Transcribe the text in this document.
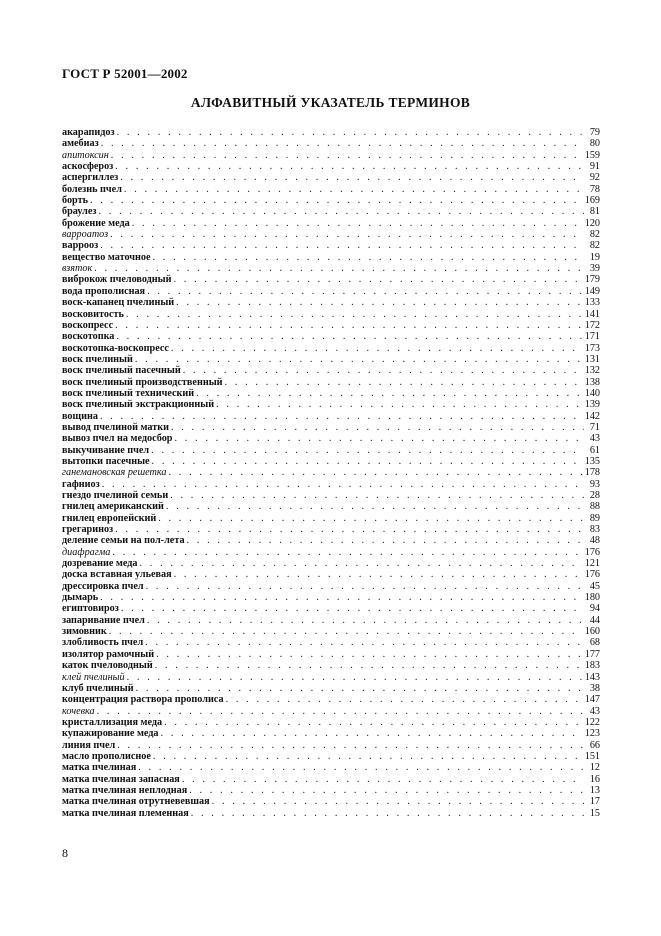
ГОСТ Р 52001—2002
АЛФАВИТНЫЙ УКАЗАТЕЛЬ ТЕРМИНОВ
акарапидоз . . .	79
амебиаз . . .	80
апитоксин . . .	159
аскосфероз . . .	91
аспергиллез . . .	92
болезнь пчел . . .	78
борть . . .	169
браулез . . .	81
брожение меда . . .	120
варроатоз . . .	82
варрооз . . .	82
вещество маточное . . .	19
взяток . . .	39
виброкож пчеловодный . . .	179
вода прополисная . . .	149
воск-капанец пчелиный . . .	133
восковитость . . .	141
воскопресс . . .	172
воскотопка . . .	171
воскотопка-воскопресс . . .	173
воск пчелиный . . .	131
воск пчелиный пасечный . . .	132
воск пчелиный производственный . . .	138
воск пчелиный технический . . .	140
воск пчелиный экстракционный . . .	139
вощина . . .	142
вывод пчелиной матки . . .	71
вывоз пчел на медосбор . . .	43
выкучивание пчел . . .	61
вытопки пасечные . . .	135
ганемановская решетка . . .	178
гафниоз . . .	93
гнездо пчелиной семьи . . .	28
гнилец американский . . .	88
гнилец европейский . . .	89
грегариноз . . .	83
деление семьи на пол-лета . . .	48
диафрагма . . .	176
дозревание меда . . .	121
доска вставная ульевая . . .	176
дрессировка пчел . . .	45
дымарь . . .	180
египтовироз . . .	94
запаривание пчел . . .	44
зимовник . . .	160
злобливость пчел . . .	68
изолятор рамочный . . .	177
каток пчеловодный . . .	183
клей пчелиный . . .	143
клуб пчелиный . . .	38
концентрация раствора прополиса . . .	147
кочевка . . .	43
кристаллизация меда . . .	122
купажирование меда . . .	123
линия пчел . . .	66
масло прополисное . . .	151
матка пчелиная . . .	12
матка пчелиная запасная . . .	16
матка пчелиная неплодная . . .	13
матка пчелиная отрутневевшая . . .	17
матка пчелиная племенная . . .	15
8
